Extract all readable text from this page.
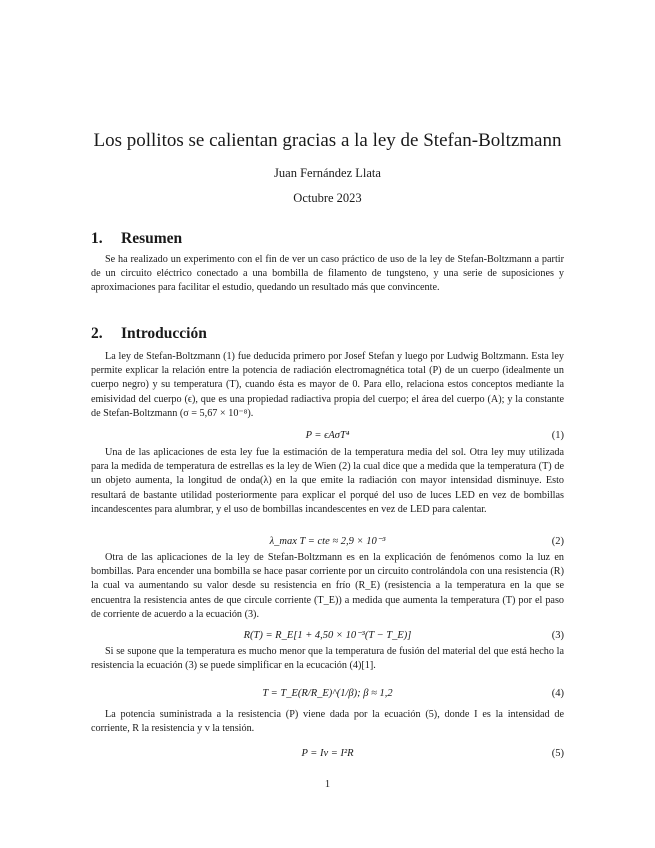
Los pollitos se calientan gracias a la ley de Stefan-Boltzmann
Juan Fernández Llata
Octubre 2023
1. Resumen
Se ha realizado un experimento con el fin de ver un caso práctico de uso de la ley de Stefan-Boltzmann a partir de un circuito eléctrico conectado a una bombilla de filamento de tungsteno, y una serie de suposiciones y aproximaciones para facilitar el estudio, quedando un resultado más que convincente.
2. Introducción
La ley de Stefan-Boltzmann (1) fue deducida primero por Josef Stefan y luego por Ludwig Boltzmann. Esta ley permite explicar la relación entre la potencia de radiación electromagnética total (P) de un cuerpo (idealmente un cuerpo negro) y su temperatura (T), cuando ésta es mayor de 0. Para ello, relaciona estos conceptos mediante la emisividad del cuerpo (ϵ), que es una propiedad radiactiva propia del cuerpo; el área del cuerpo (A); y la constante de Stefan-Boltzmann (σ = 5,67 × 10⁻⁸).
P = ϵAσT⁴	(1)
Una de las aplicaciones de esta ley fue la estimación de la temperatura media del sol. Otra ley muy utilizada para la medida de temperatura de estrellas es la ley de Wien (2) la cual dice que a medida que la temperatura (T) de un objeto aumenta, la longitud de onda(λ) en la que emite la radiación con mayor intensidad disminuye. Esto resultará de bastante utilidad posteriormente para explicar el porqué del uso de luces LED en vez de bombillas incandescentes para alumbrar, y el uso de bombillas incandescentes en vez de LED para calentar.
λ_max T = cte ≈ 2,9 × 10⁻³	(2)
Otra de las aplicaciones de la ley de Stefan-Boltzmann es en la explicación de fenómenos como la luz en bombillas. Para encender una bombilla se hace pasar corriente por un circuito controlándola con una resistencia (R) la cual va aumentando su valor desde su resistencia en frío (R_E) (resistencia a la temperatura en la que se encuentra la resistencia antes de que circule corriente (T_E)) a medida que aumenta la temperatura (T) por el paso de corriente de acuerdo a la ecuación (3).
R(T) = R_E[1 + 4,50 × 10⁻³(T − T_E)]	(3)
Si se supone que la temperatura es mucho menor que la temperatura de fusión del material del que está hecho la resistencia la ecuación (3) se puede simplificar en la ecucación (4)[1].
T = T_E(R/R_E)^(1/β); β ≈ 1,2	(4)
La potencia suministrada a la resistencia (P) viene dada por la ecuación (5), donde I es la intensidad de corriente, R la resistencia y v la tensión.
P = Iv = I²R	(5)
1
